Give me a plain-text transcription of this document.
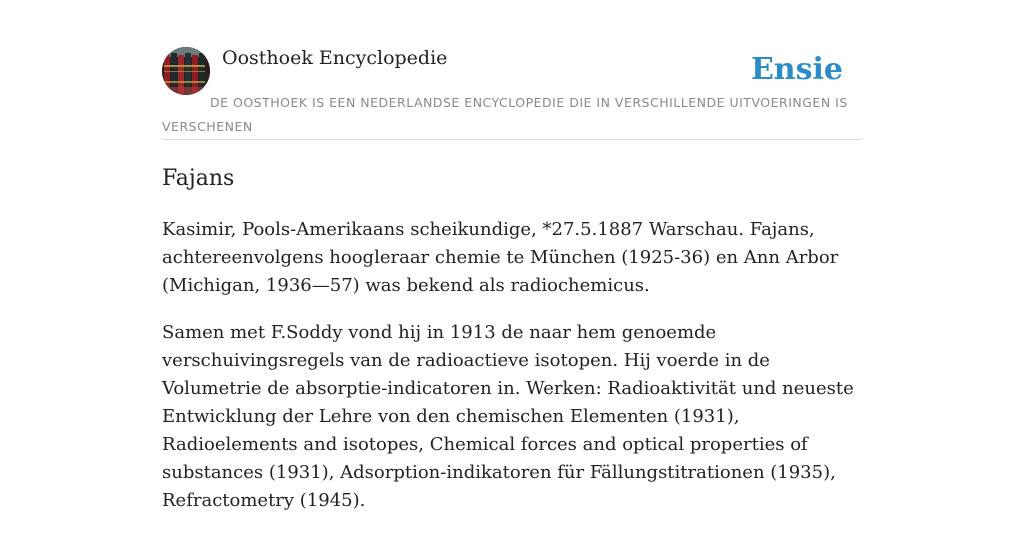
Oosthoek Encyclopedie	Ensie
DE OOSTHOEK IS EEN NEDERLANDSE ENCYCLOPEDIE DIE IN VERSCHILLENDE UITVOERINGEN IS VERSCHENEN
Fajans

Kasimir, Pools-Amerikaans scheikundige, *27.5.1887 Warschau. Fajans, achtereenvolgens hoogleraar chemie te München (1925-36) en Ann Arbor (Michigan, 1936—57) was bekend als radiochemicus.

Samen met F.Soddy vond hij in 1913 de naar hem genoemde verschuivingsregels van de radioactieve isotopen. Hij voerde in de Volumetrie de absorptie-indicatoren in. Werken: Radioaktivität und neueste Entwicklung der Lehre von den chemischen Elementen (1931), Radioelements and isotopes, Chemical forces and optical properties of substances (1931), Adsorption-indikatoren für Fällungstitrationen (1935), Refractometry (1945).
